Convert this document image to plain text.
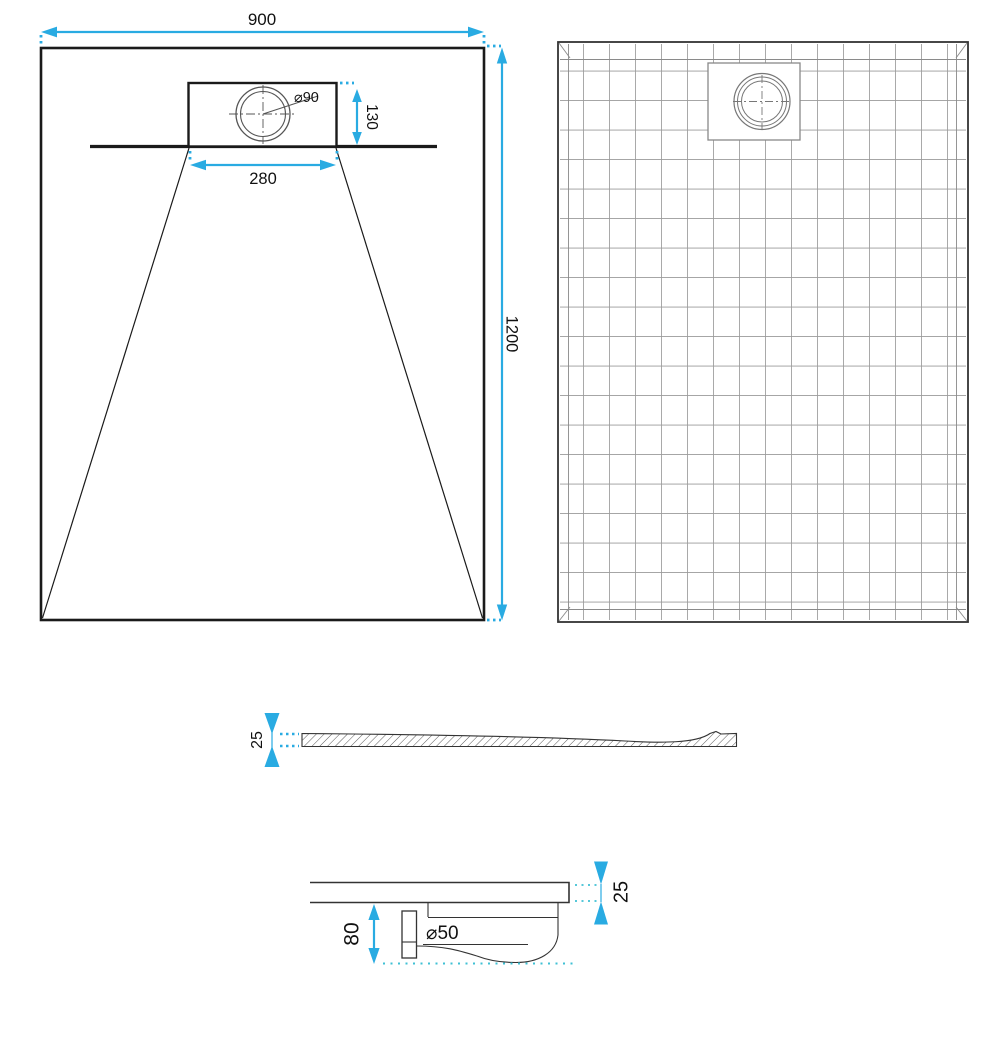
⌀90
900
1200
130
280
25
⌀50
80
25
